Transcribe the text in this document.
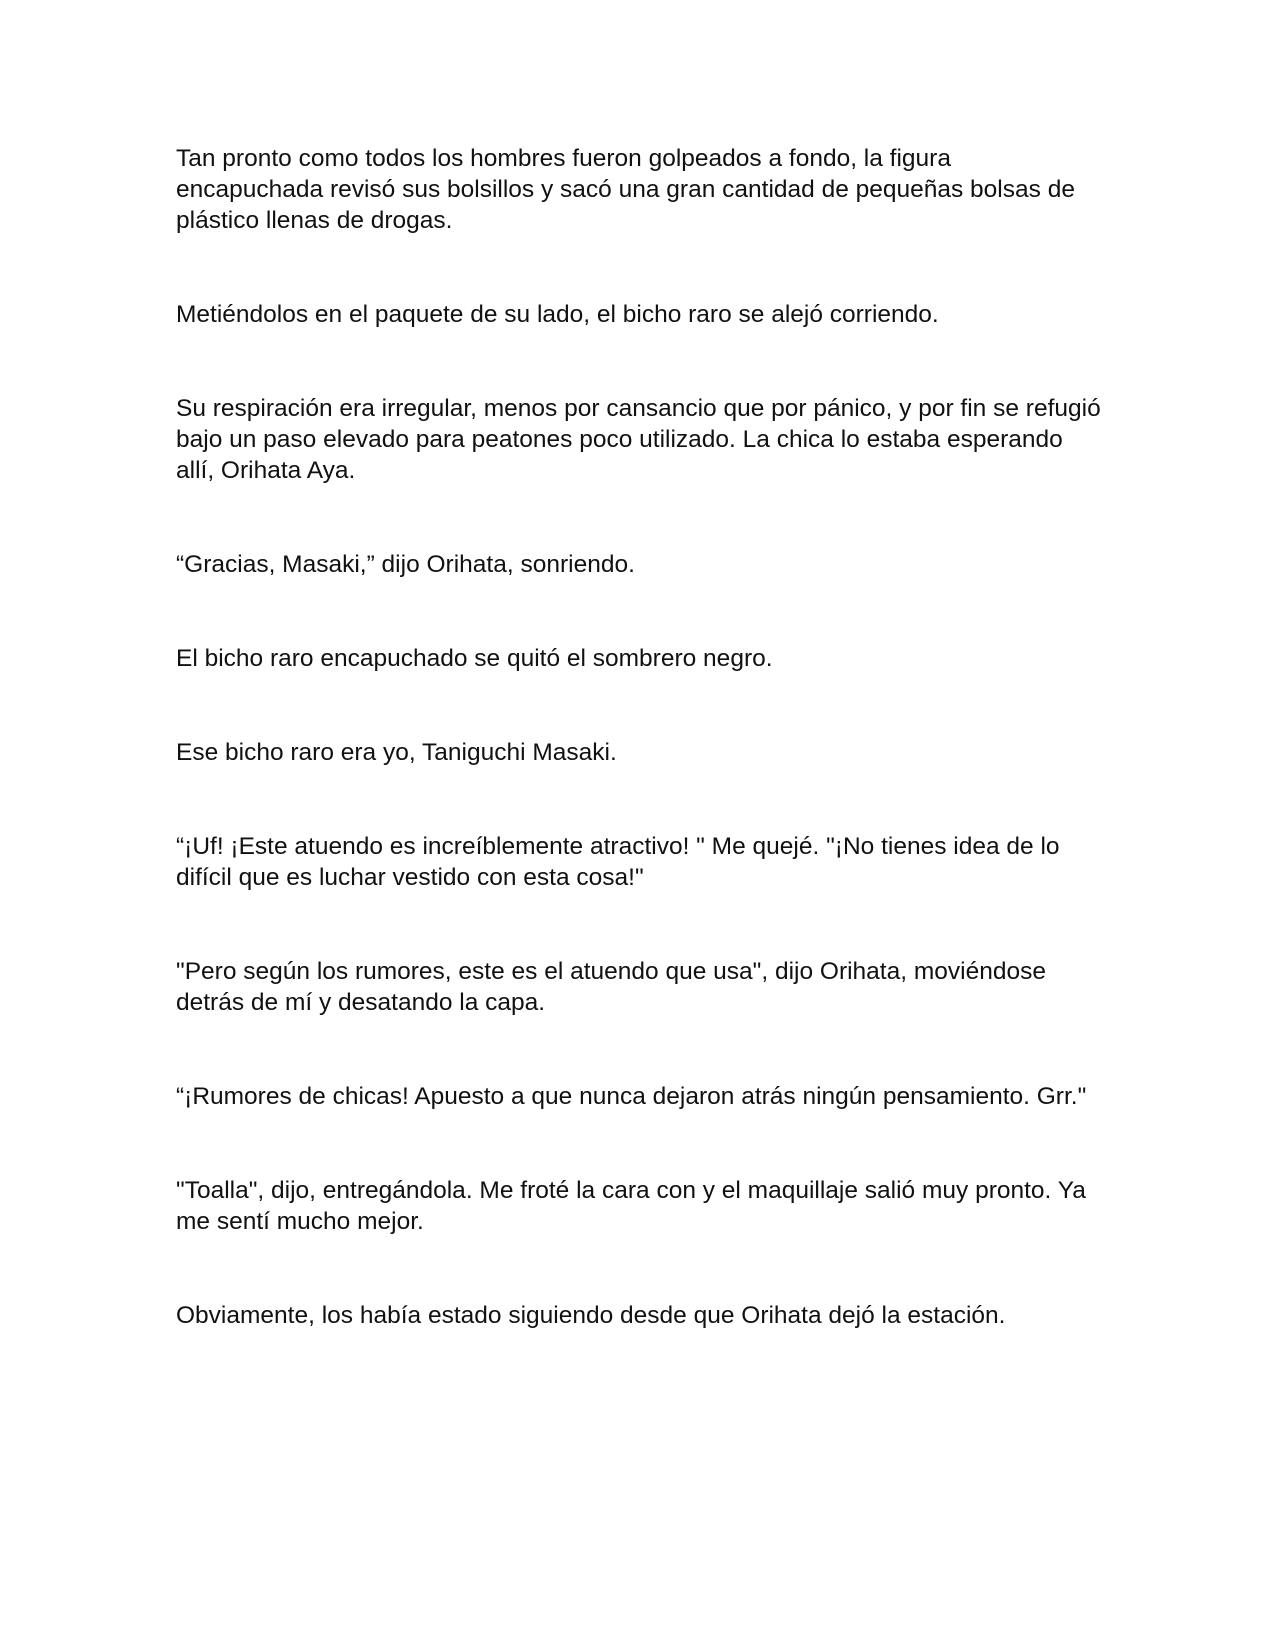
Tan pronto como todos los hombres fueron golpeados a fondo, la figura encapuchada revisó sus bolsillos y sacó una gran cantidad de pequeñas bolsas de plástico llenas de drogas.

Metiéndolos en el paquete de su lado, el bicho raro se alejó corriendo.

Su respiración era irregular, menos por cansancio que por pánico, y por fin se refugió bajo un paso elevado para peatones poco utilizado. La chica lo estaba esperando allí, Orihata Aya.

“Gracias, Masaki,” dijo Orihata, sonriendo.

El bicho raro encapuchado se quitó el sombrero negro.

Ese bicho raro era yo, Taniguchi Masaki.

“¡Uf! ¡Este atuendo es increíblemente atractivo! " Me quejé. "¡No tienes idea de lo difícil que es luchar vestido con esta cosa!"

"Pero según los rumores, este es el atuendo que usa", dijo Orihata, moviéndose detrás de mí y desatando la capa.

“¡Rumores de chicas! Apuesto a que nunca dejaron atrás ningún pensamiento. Grr."

"Toalla", dijo, entregándola. Me froté la cara con y el maquillaje salió muy pronto. Ya me sentí mucho mejor.

Obviamente, los había estado siguiendo desde que Orihata dejó la estación.
